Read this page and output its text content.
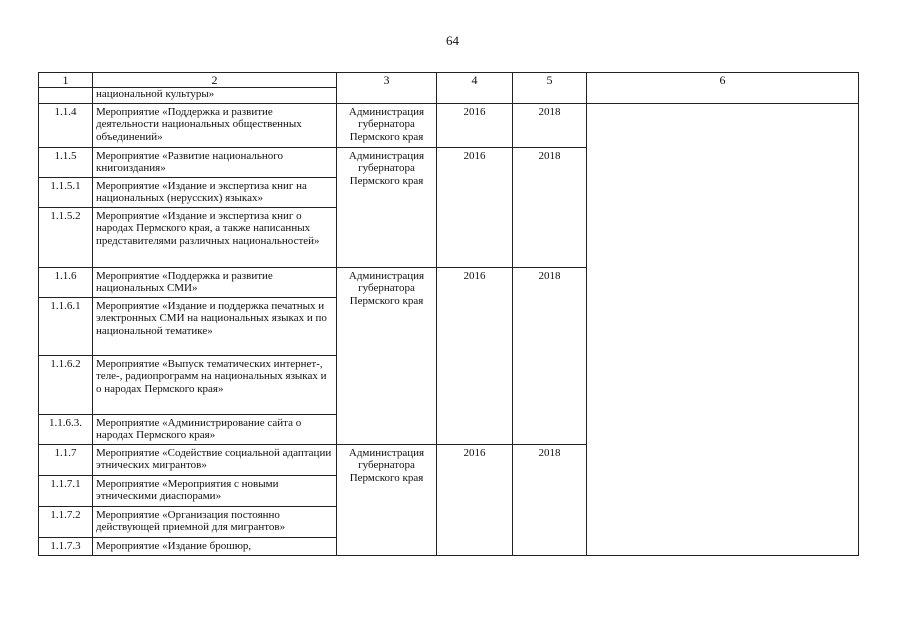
64
1	2	3	4	5	6
	национальной культуры»				
1.1.4	Мероприятие «Поддержка и развитие деятельности национальных общественных объединений»	Администрация губернатора Пермского края	2016	2018	
1.1.5	Мероприятие «Развитие национального книгоиздания»	Администрация губернатора Пермского края	2016	2018	
1.1.5.1	Мероприятие «Издание и экспертиза книг на национальных (нерусских) языках»				
1.1.5.2	Мероприятие «Издание и экспертиза книг о народах Пермского края, а также написанных представителями различных национальностей»				
1.1.6	Мероприятие «Поддержка и развитие национальных СМИ»	Администрация губернатора Пермского края	2016	2018	
1.1.6.1	Мероприятие «Издание и поддержка печатных и электронных СМИ на национальных языках и по национальной тематике»				
1.1.6.2	Мероприятие «Выпуск тематических интернет-, теле-, радиопрограмм на национальных языках и о народах Пермского края»				
1.1.6.3.	Мероприятие «Администрирование сайта о народах Пермского края»				
1.1.7	Мероприятие «Содействие социальной адаптации этнических мигрантов»	Администрация губернатора Пермского края	2016	2018	
1.1.7.1	Мероприятие «Мероприятия с новыми этническими диаспорами»				
1.1.7.2	Мероприятие «Организация постоянно действующей приемной для мигрантов»				
1.1.7.3	Мероприятие «Издание брошюр,				
